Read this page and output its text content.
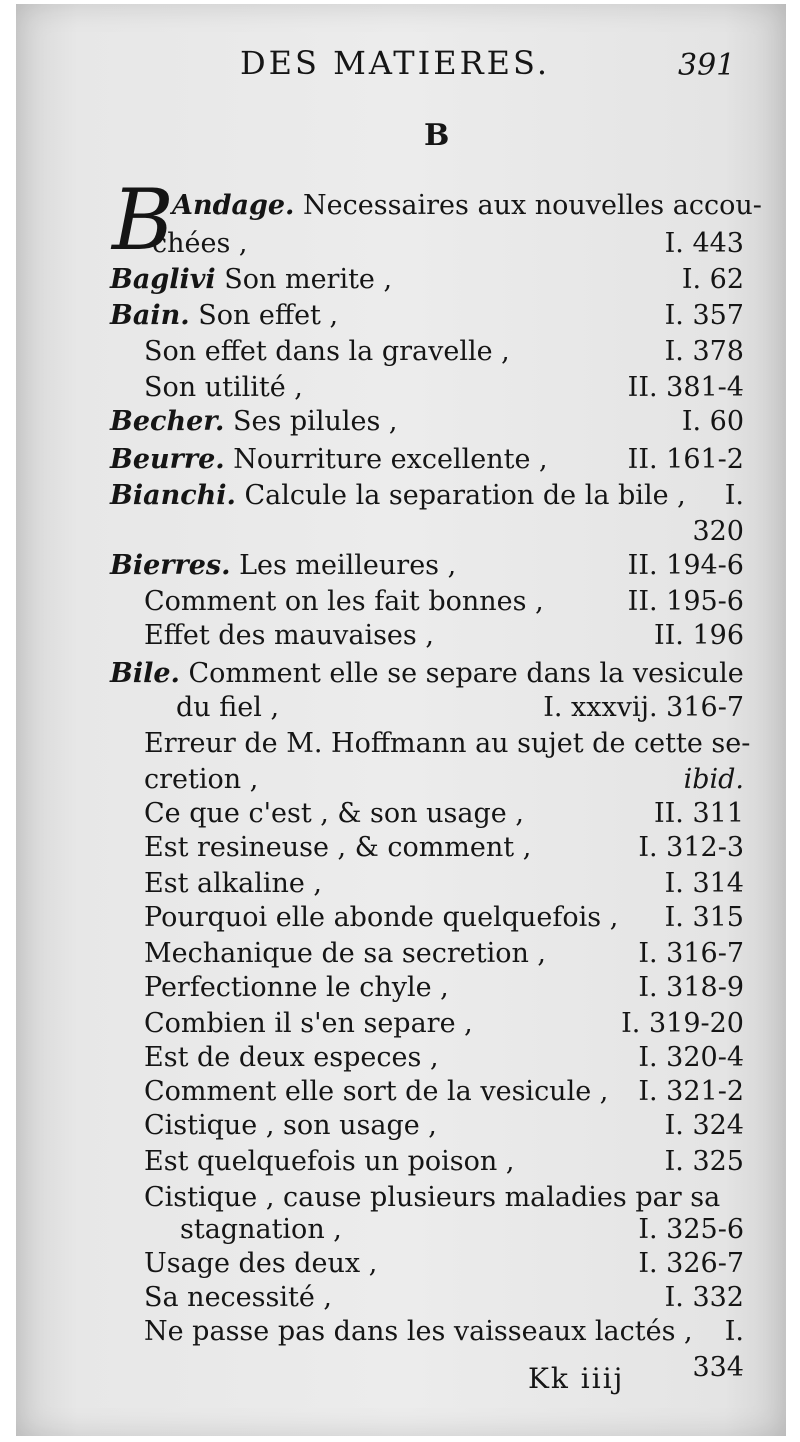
DES MATIERES.	391
B
B
Andage. Necessaires aux nouvelles accou-
chées ,	I. 443
Baglivi Son merite ,	I. 62
Bain. Son effet ,	I. 357
Son effet dans la gravelle ,	I. 378
Son utilité ,	II. 381-4
Becher. Ses pilules ,	I. 60
Beurre. Nourriture excellente ,	II. 161-2
Bianchi. Calcule la separation de la bile , I.
320
Bierres. Les meilleures ,	II. 194-6
Comment on les fait bonnes ,	II. 195-6
Effet des mauvaises ,	II. 196
Bile. Comment elle se separe dans la vesicule
du fiel ,	I. xxxvij. 316-7
Erreur de M. Hoffmann au sujet de cette se-
cretion ,	ibid.
Ce que c'est , & son usage ,	II. 311
Est resineuse , & comment ,	I. 312-3
Est alkaline ,	I. 314
Pourquoi elle abonde quelquefois , I. 315
Mechanique de sa secretion ,	I. 316-7
Perfectionne le chyle ,	I. 318-9
Combien il s'en separe ,	I. 319-20
Est de deux especes ,	I. 320-4
Comment elle sort de la vesicule , I. 321-2
Cistique , son usage ,	I. 324
Est quelquefois un poison ,	I. 325
Cistique , cause plusieurs maladies par sa
stagnation ,	I. 325-6
Usage des deux ,	I. 326-7
Sa necessité ,	I. 332
Ne passe pas dans les vaisseaux lactés , I.
334
Kk iiij
